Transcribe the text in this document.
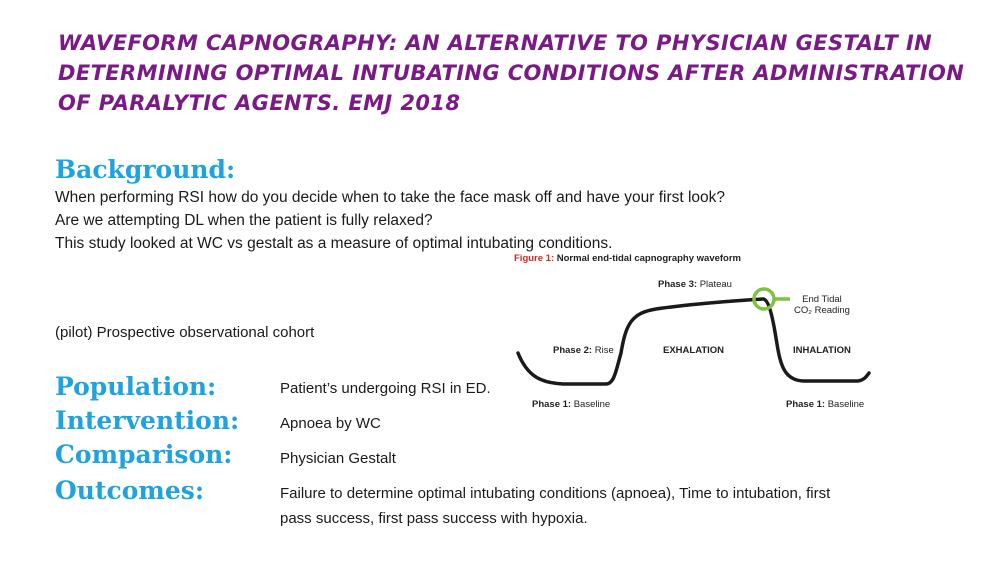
WAVEFORM CAPNOGRAPHY: AN ALTERNATIVE TO PHYSICIAN GESTALT IN
DETERMINING OPTIMAL INTUBATING CONDITIONS AFTER ADMINISTRATION
OF PARALYTIC AGENTS. EMJ 2018
Background:
When performing RSI how do you decide when to take the face mask off and have your first look?
Are we attempting DL when the patient is fully relaxed?
This study looked at WC vs gestalt as a measure of optimal intubating conditions.
(pilot) Prospective observational cohort
Population:	Patient’s undergoing RSI in ED.
Intervention:	Apnoea by WC
Comparison:	Physician Gestalt
Outcomes:	Failure to determine optimal intubating conditions (apnoea), Time to intubation, first
pass success, first pass success with hypoxia.
Figure 1: Normal end-tidal capnography waveform
Phase 3: Plateau
End Tidal
CO₂ Reading
Phase 2: Rise	EXHALATION	INHALATION
Phase 1: Baseline	Phase 1: Baseline
